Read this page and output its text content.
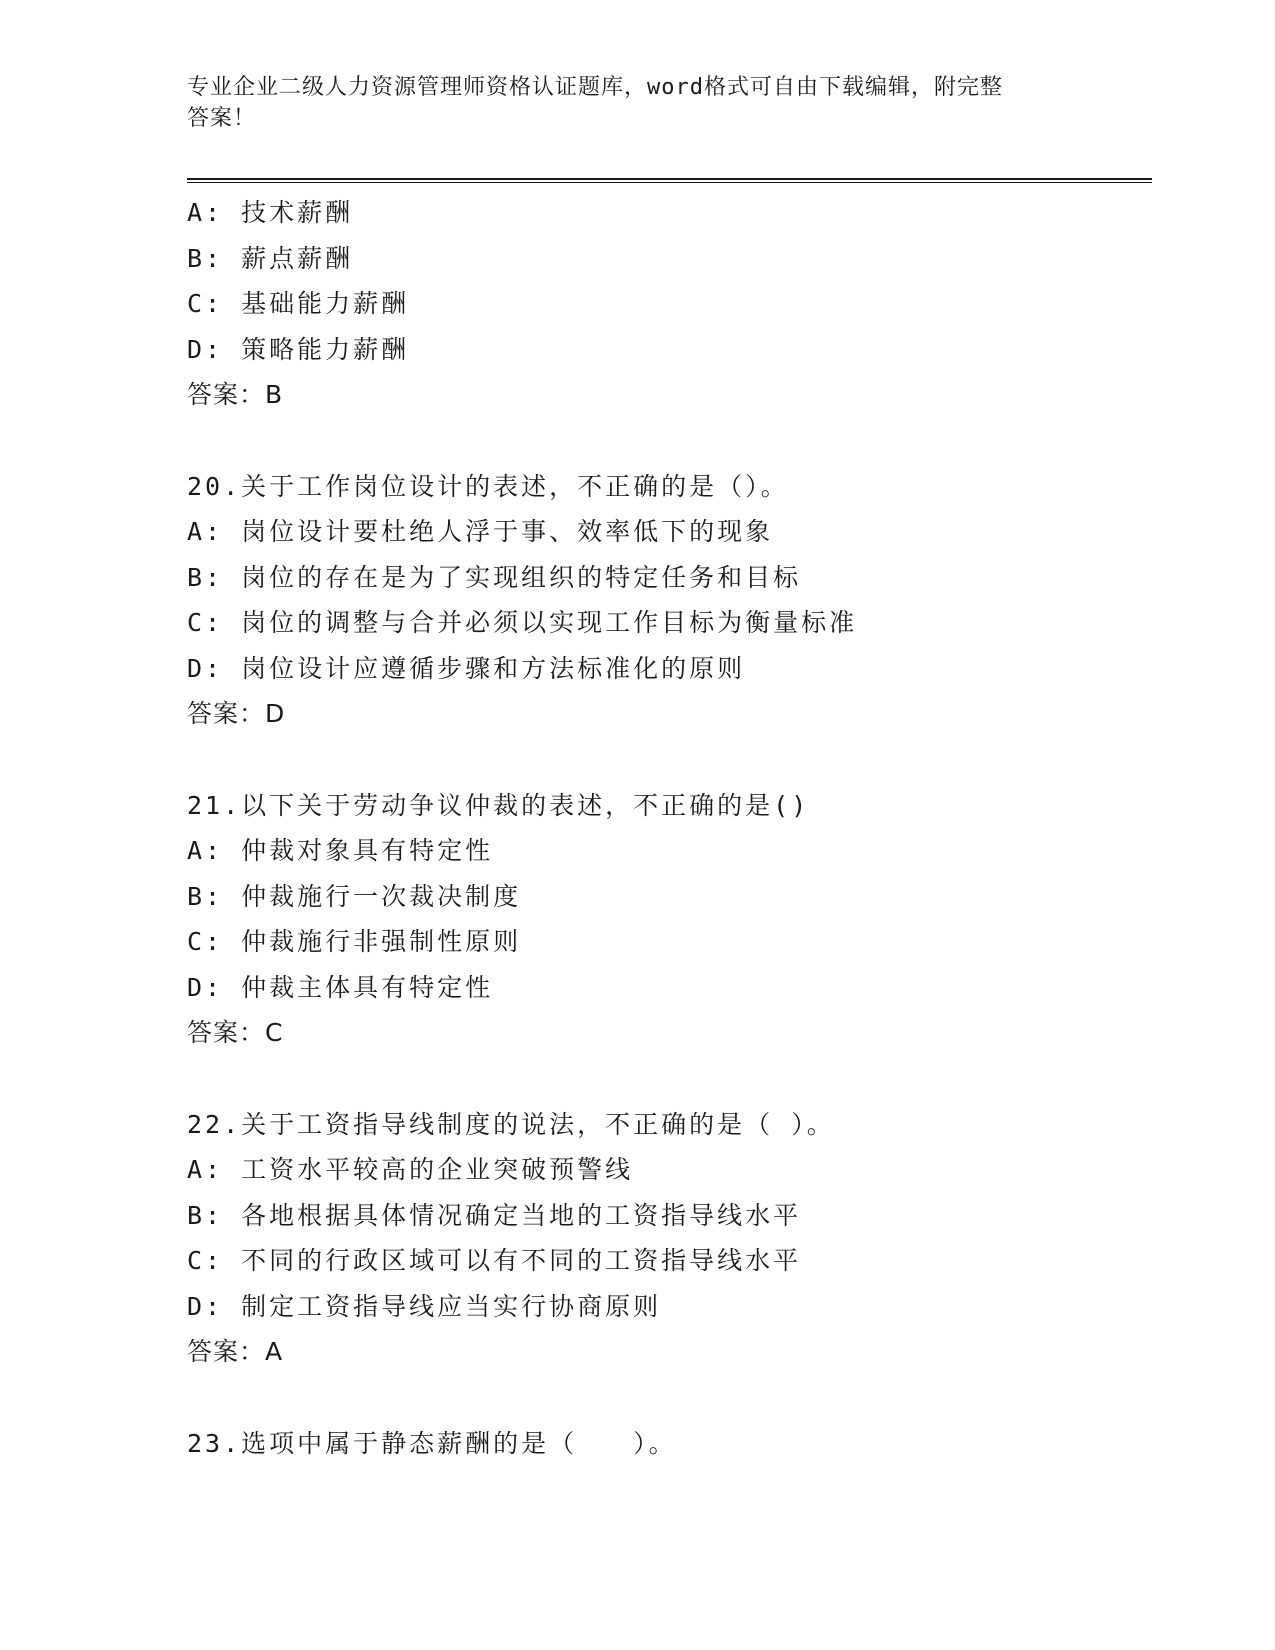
专业企业二级人力资源管理师资格认证题库，word格式可自由下载编辑，附完整
答案！
A: 技术薪酬
B: 薪点薪酬
C: 基础能力薪酬
D: 策略能力薪酬
答案：B
20.关于工作岗位设计的表述，不正确的是（）。
A: 岗位设计要杜绝人浮于事、效率低下的现象
B: 岗位的存在是为了实现组织的特定任务和目标
C: 岗位的调整与合并必须以实现工作目标为衡量标准
D: 岗位设计应遵循步骤和方法标准化的原则
答案：D
21.以下关于劳动争议仲裁的表述，不正确的是()
A: 仲裁对象具有特定性
B: 仲裁施行一次裁决制度
C: 仲裁施行非强制性原则
D: 仲裁主体具有特定性
答案：C
22.关于工资指导线制度的说法，不正确的是（ ）。
A: 工资水平较高的企业突破预警线
B: 各地根据具体情况确定当地的工资指导线水平
C: 不同的行政区域可以有不同的工资指导线水平
D: 制定工资指导线应当实行协商原则
答案：A
23.选项中属于静态薪酬的是（　　）。
